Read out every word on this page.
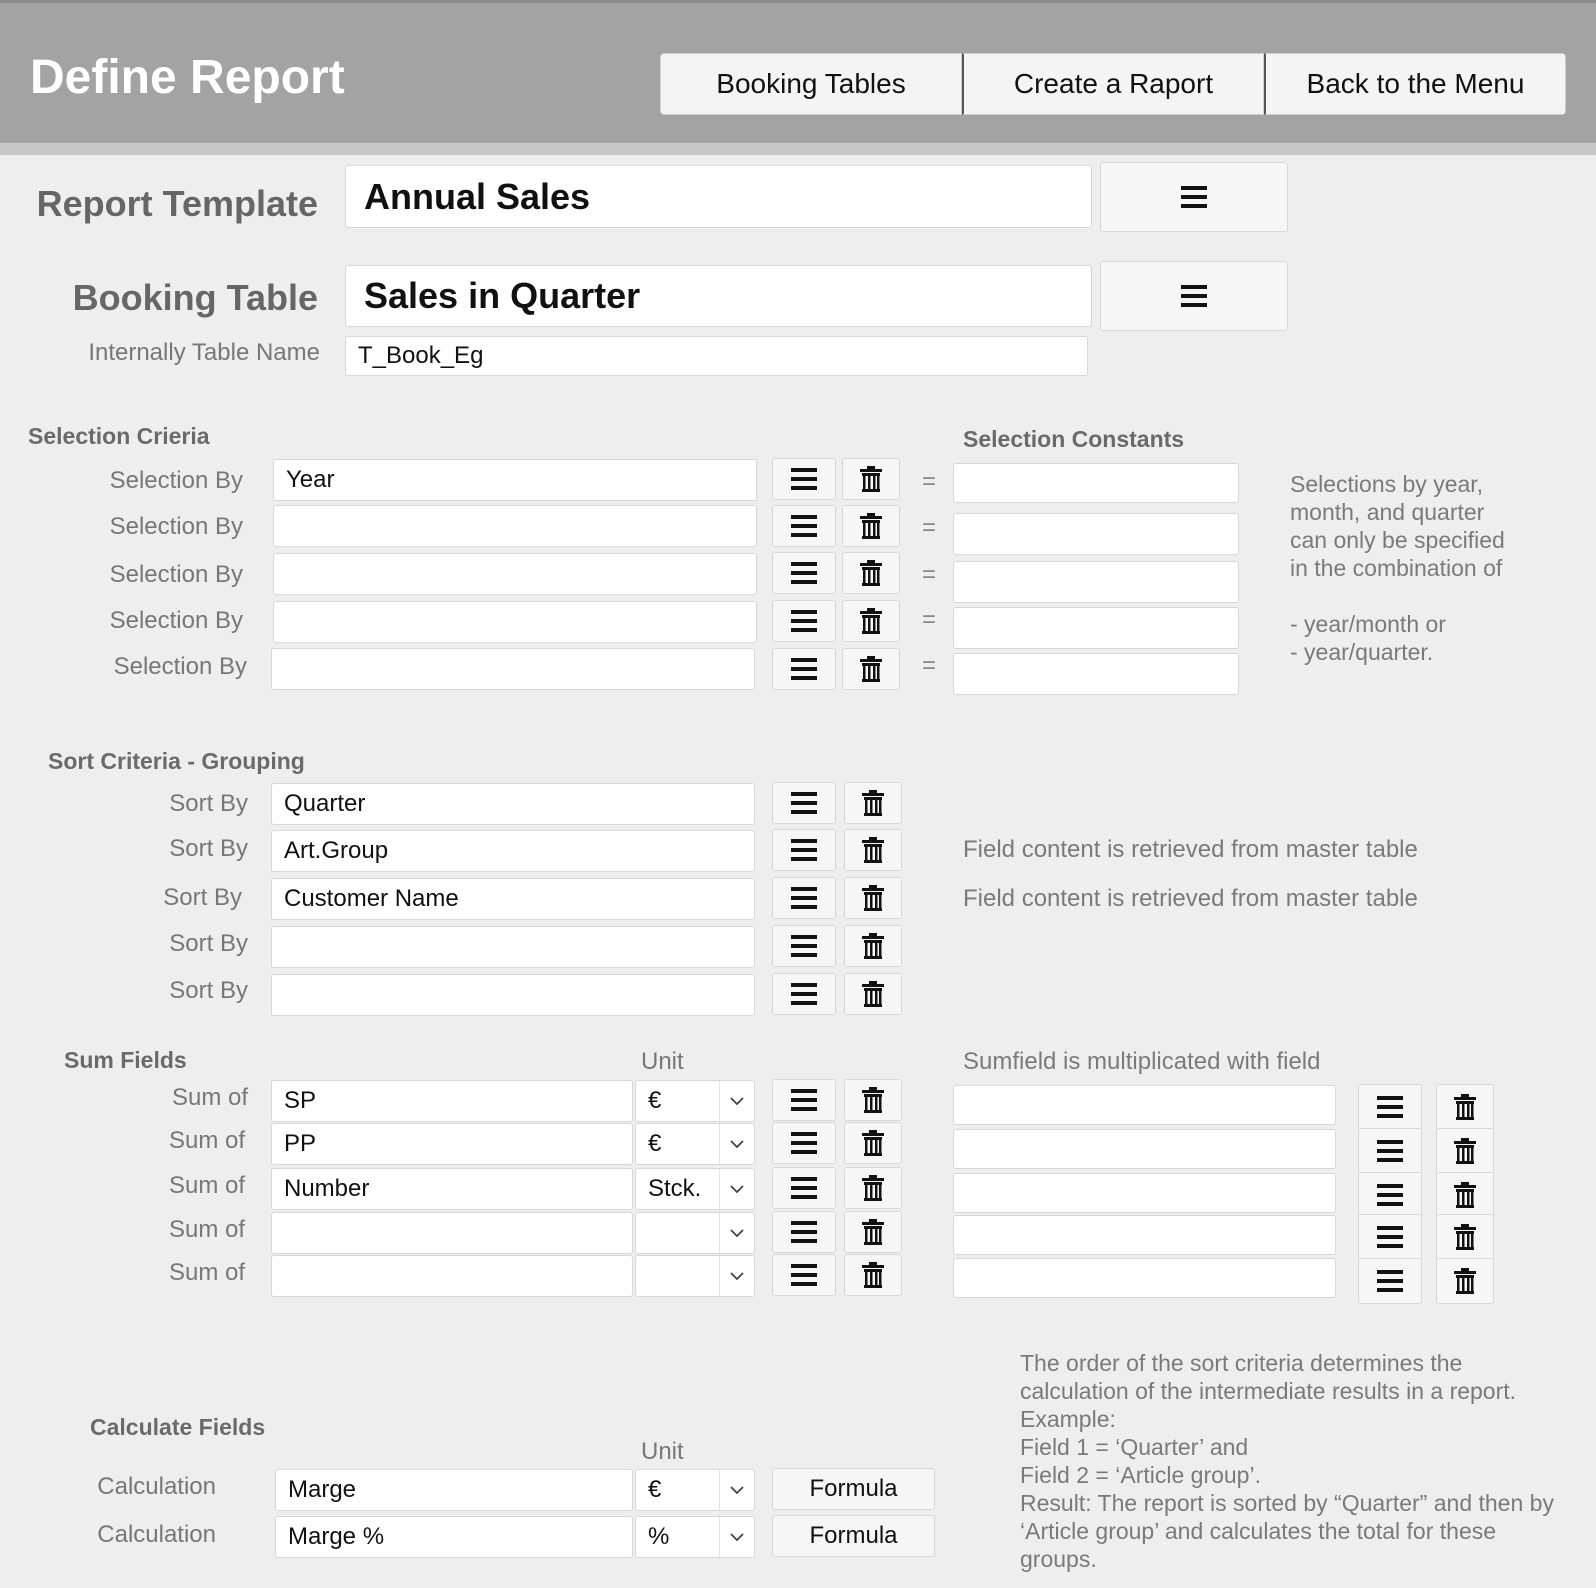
Define Report	Booking Tables	Create a Raport	Back to the Menu
Report Template	Annual Sales
Booking Table	Sales in Quarter
Internally Table Name	T_Book_Eg
Selection Crieria	Selection Constants
Selection By	Year	=
Selection By	=
Selection By	=
Selection By	=
Selection By	=
Selections by year,
month, and quarter
can only be specified
in the combination of
- year/month or
- year/quarter.
Sort Criteria - Grouping
Sort By	Quarter
Sort By	Art.Group	Field content is retrieved from master table
Sort By	Customer Name	Field content is retrieved from master table
Sort By
Sort By
Sum Fields	Unit	Sumfield is multiplicated with field
Sum of	SP	€
Sum of	PP	€
Sum of	Number	Stck.
Sum of
Sum of
The order of the sort criteria determines the
calculation of the intermediate results in a report.
Example:
Field 1 = ‘Quarter’ and
Field 2 = ‘Article group’.
Result: The report is sorted by “Quarter” and then by
‘Article group’ and calculates the total for these
groups.
Calculate Fields
Unit
Calculation	Marge	€	Formula
Calculation	Marge %	%	Formula
